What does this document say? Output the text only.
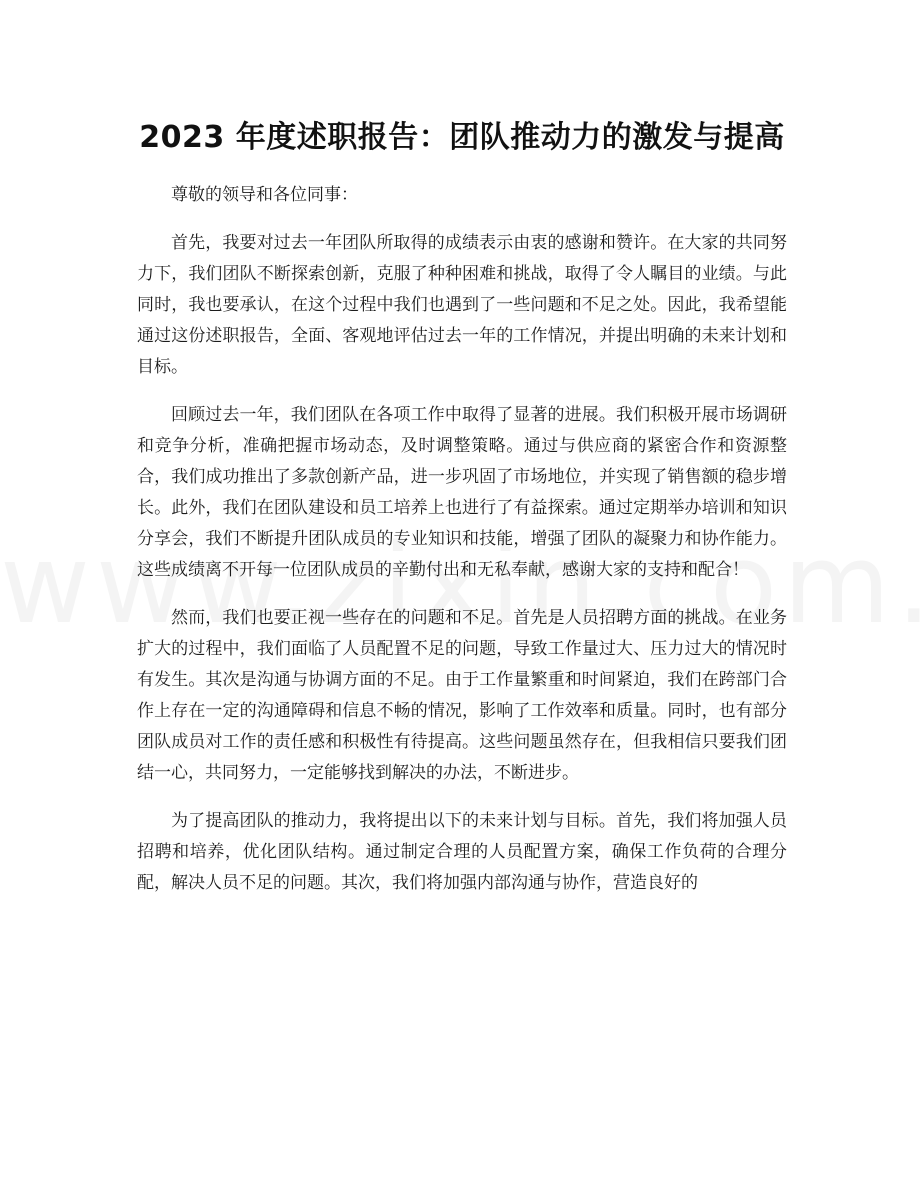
2023 年度述职报告：团队推动力的激发与提高

尊敬的领导和各位同事：

首先，我要对过去一年团队所取得的成绩表示由衷的感谢和赞许。在大家的共同努力下，我们团队不断探索创新，克服了种种困难和挑战，取得了令人瞩目的业绩。与此同时，我也要承认，在这个过程中我们也遇到了一些问题和不足之处。因此，我希望能通过这份述职报告，全面、客观地评估过去一年的工作情况，并提出明确的未来计划和目标。

回顾过去一年，我们团队在各项工作中取得了显著的进展。我们积极开展市场调研和竞争分析，准确把握市场动态，及时调整策略。通过与供应商的紧密合作和资源整合，我们成功推出了多款创新产品，进一步巩固了市场地位，并实现了销售额的稳步增长。此外，我们在团队建设和员工培养上也进行了有益探索。通过定期举办培训和知识分享会，我们不断提升团队成员的专业知识和技能，增强了团队的凝聚力和协作能力。这些成绩离不开每一位团队成员的辛勤付出和无私奉献，感谢大家的支持和配合！

然而，我们也要正视一些存在的问题和不足。首先是人员招聘方面的挑战。在业务扩大的过程中，我们面临了人员配置不足的问题，导致工作量过大、压力过大的情况时有发生。其次是沟通与协调方面的不足。由于工作量繁重和时间紧迫，我们在跨部门合作上存在一定的沟通障碍和信息不畅的情况，影响了工作效率和质量。同时，也有部分团队成员对工作的责任感和积极性有待提高。这些问题虽然存在，但我相信只要我们团结一心，共同努力，一定能够找到解决的办法，不断进步。

为了提高团队的推动力，我将提出以下的未来计划与目标。首先，我们将加强人员招聘和培养，优化团队结构。通过制定合理的人员配置方案，确保工作负荷的合理分配，解决人员不足的问题。其次，我们将加强内部沟通与协作，营造良好的
